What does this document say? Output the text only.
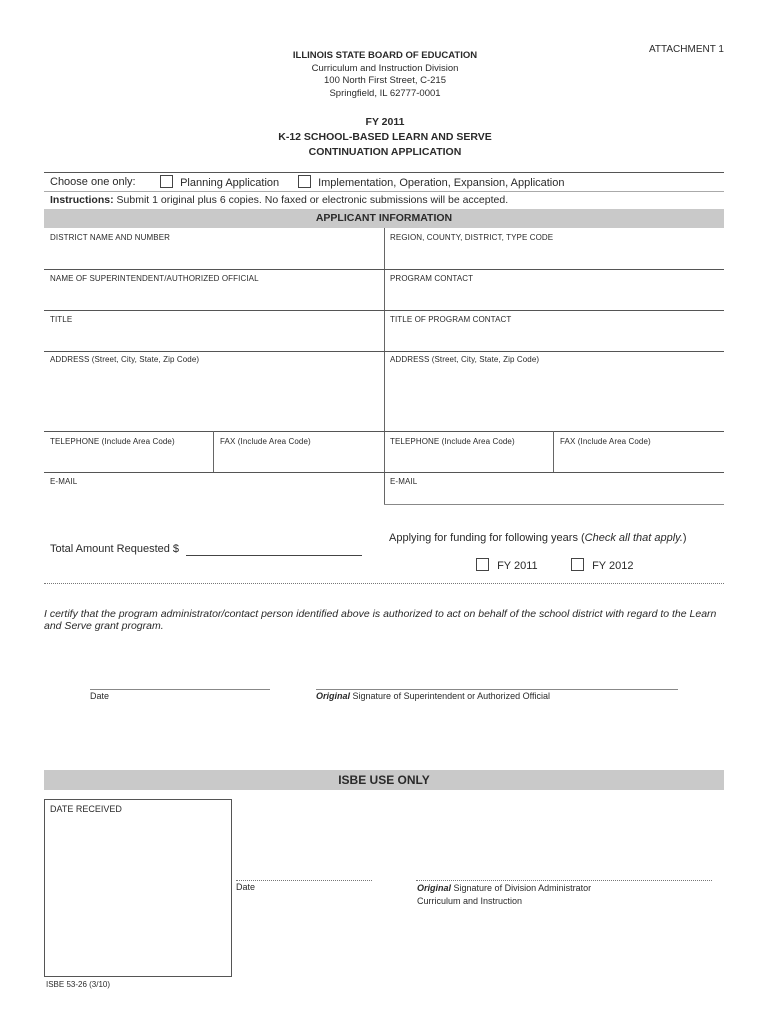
ATTACHMENT 1
ILLINOIS STATE BOARD OF EDUCATION
Curriculum and Instruction Division
100 North First Street, C-215
Springfield, IL 62777-0001
FY 2011
K-12 SCHOOL-BASED LEARN AND SERVE
CONTINUATION APPLICATION
Choose one only:	Planning Application	Implementation, Operation, Expansion, Application
Instructions: Submit 1 original plus 6 copies. No faxed or electronic submissions will be accepted.
APPLICANT INFORMATION
DISTRICT NAME AND NUMBER	REGION, COUNTY, DISTRICT, TYPE CODE
NAME OF SUPERINTENDENT/AUTHORIZED OFFICIAL	PROGRAM CONTACT
TITLE	TITLE OF PROGRAM CONTACT
ADDRESS (Street, City, State, Zip Code)	ADDRESS (Street, City, State, Zip Code)
TELEPHONE (Include Area Code)	FAX (Include Area Code)	TELEPHONE (Include Area Code)	FAX (Include Area Code)
E-MAIL	E-MAIL
Total Amount Requested $
Applying for funding for following years (Check all that apply.)
FY 2011	FY 2012
I certify that the program administrator/contact person identified above is authorized to act on behalf of the school district with regard to the Learn and Serve grant program.
Date	Original Signature of Superintendent or Authorized Official
ISBE USE ONLY
DATE RECEIVED
Date	Original Signature of Division Administrator
Curriculum and Instruction
ISBE 53-26 (3/10)
